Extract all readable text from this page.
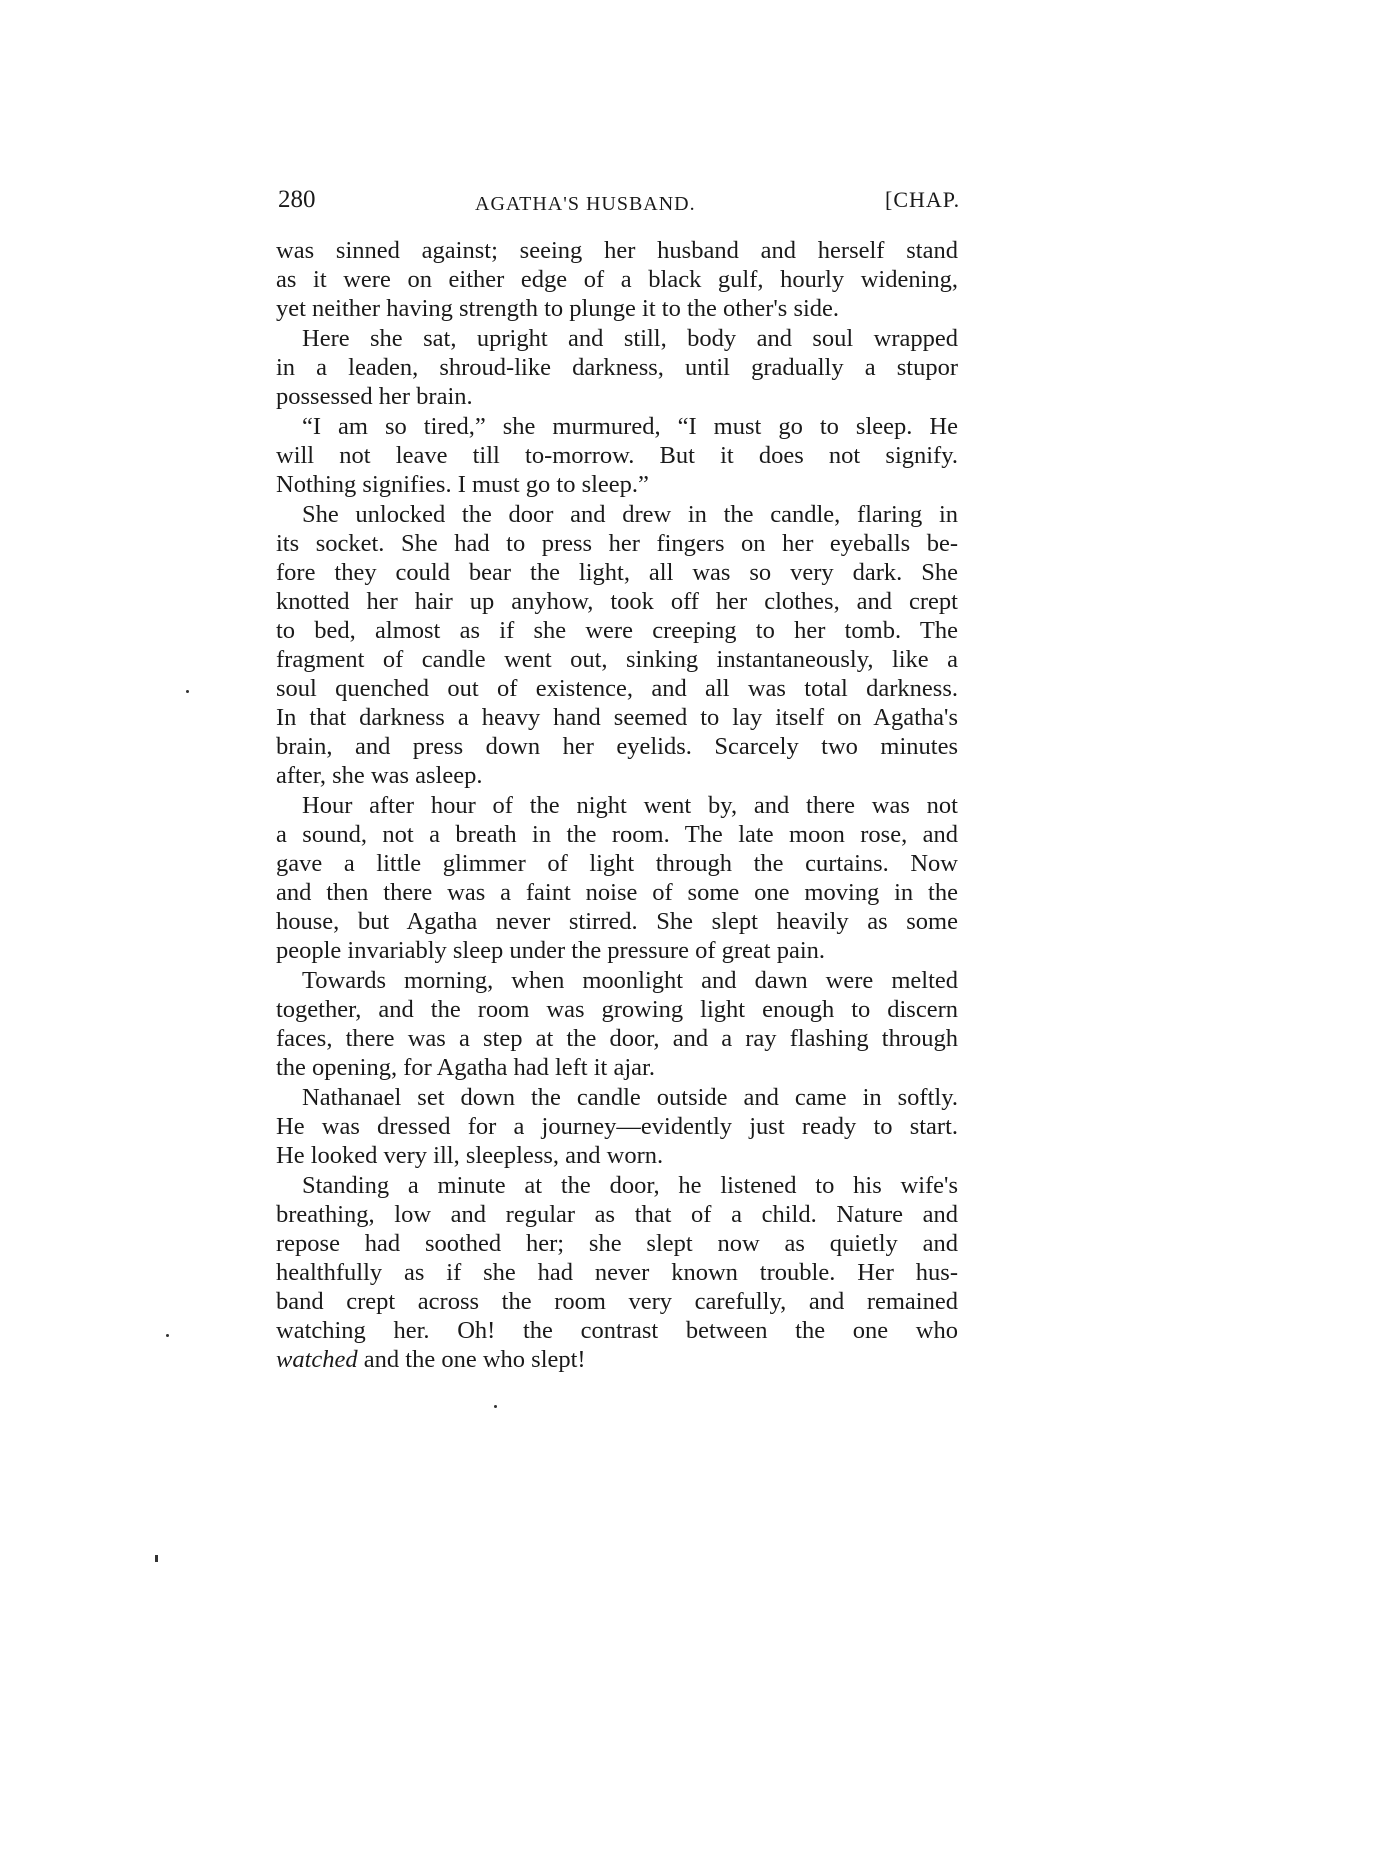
280	AGATHA'S HUSBAND.	[CHAP.
was sinned against; seeing her husband and herself stand
as it were on either edge of a black gulf, hourly widening,
yet neither having strength to plunge it to the other's side.
Here she sat, upright and still, body and soul wrapped
in a leaden, shroud-like darkness, until gradually a stupor
possessed her brain.
“I am so tired,” she murmured, “I must go to sleep. He
will not leave till to-morrow. But it does not signify.
Nothing signifies. I must go to sleep.”
She unlocked the door and drew in the candle, flaring in
its socket. She had to press her fingers on her eyeballs be-
fore they could bear the light, all was so very dark. She
knotted her hair up anyhow, took off her clothes, and crept
to bed, almost as if she were creeping to her tomb. The
fragment of candle went out, sinking instantaneously, like a
soul quenched out of existence, and all was total darkness.
In that darkness a heavy hand seemed to lay itself on Agatha's
brain, and press down her eyelids. Scarcely two minutes
after, she was asleep.
Hour after hour of the night went by, and there was not
a sound, not a breath in the room. The late moon rose, and
gave a little glimmer of light through the curtains. Now
and then there was a faint noise of some one moving in the
house, but Agatha never stirred. She slept heavily as some
people invariably sleep under the pressure of great pain.
Towards morning, when moonlight and dawn were melted
together, and the room was growing light enough to discern
faces, there was a step at the door, and a ray flashing through
the opening, for Agatha had left it ajar.
Nathanael set down the candle outside and came in softly.
He was dressed for a journey—evidently just ready to start.
He looked very ill, sleepless, and worn.
Standing a minute at the door, he listened to his wife's
breathing, low and regular as that of a child. Nature and
repose had soothed her; she slept now as quietly and
healthfully as if she had never known trouble. Her hus-
band crept across the room very carefully, and remained
watching her. Oh! the contrast between the one who
watched and the one who slept!
